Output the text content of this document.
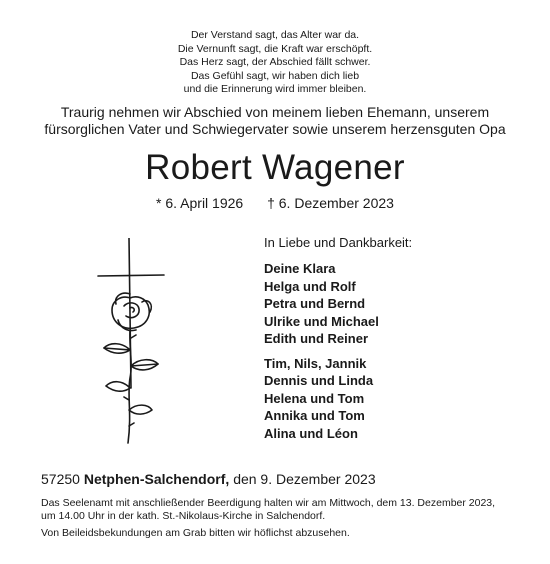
Der Verstand sagt, das Alter war da.
Die Vernunft sagt, die Kraft war erschöpft.
Das Herz sagt, der Abschied fällt schwer.
Das Gefühl sagt, wir haben dich lieb
und die Erinnerung wird immer bleiben.
Traurig nehmen wir Abschied von meinem lieben Ehemann, unserem
fürsorglichen Vater und Schwiegervater sowie unserem herzensguten Opa
Robert Wagener
* 6. April 1926 † 6. Dezember 2023
In Liebe und Dankbarkeit:
Deine Klara
Helga und Rolf
Petra und Bernd
Ulrike und Michael
Edith und Reiner
Tim, Nils, Jannik
Dennis und Linda
Helena und Tom
Annika und Tom
Alina und Léon
57250 Netphen-Salchendorf, den 9. Dezember 2023

Das Seelenamt mit anschließender Beerdigung halten wir am Mittwoch, dem 13. Dezember 2023,

um 14.00 Uhr in der kath. St.-Nikolaus-Kirche in Salchendorf.

Von Beileidsbekundungen am Grab bitten wir höflichst abzusehen.
